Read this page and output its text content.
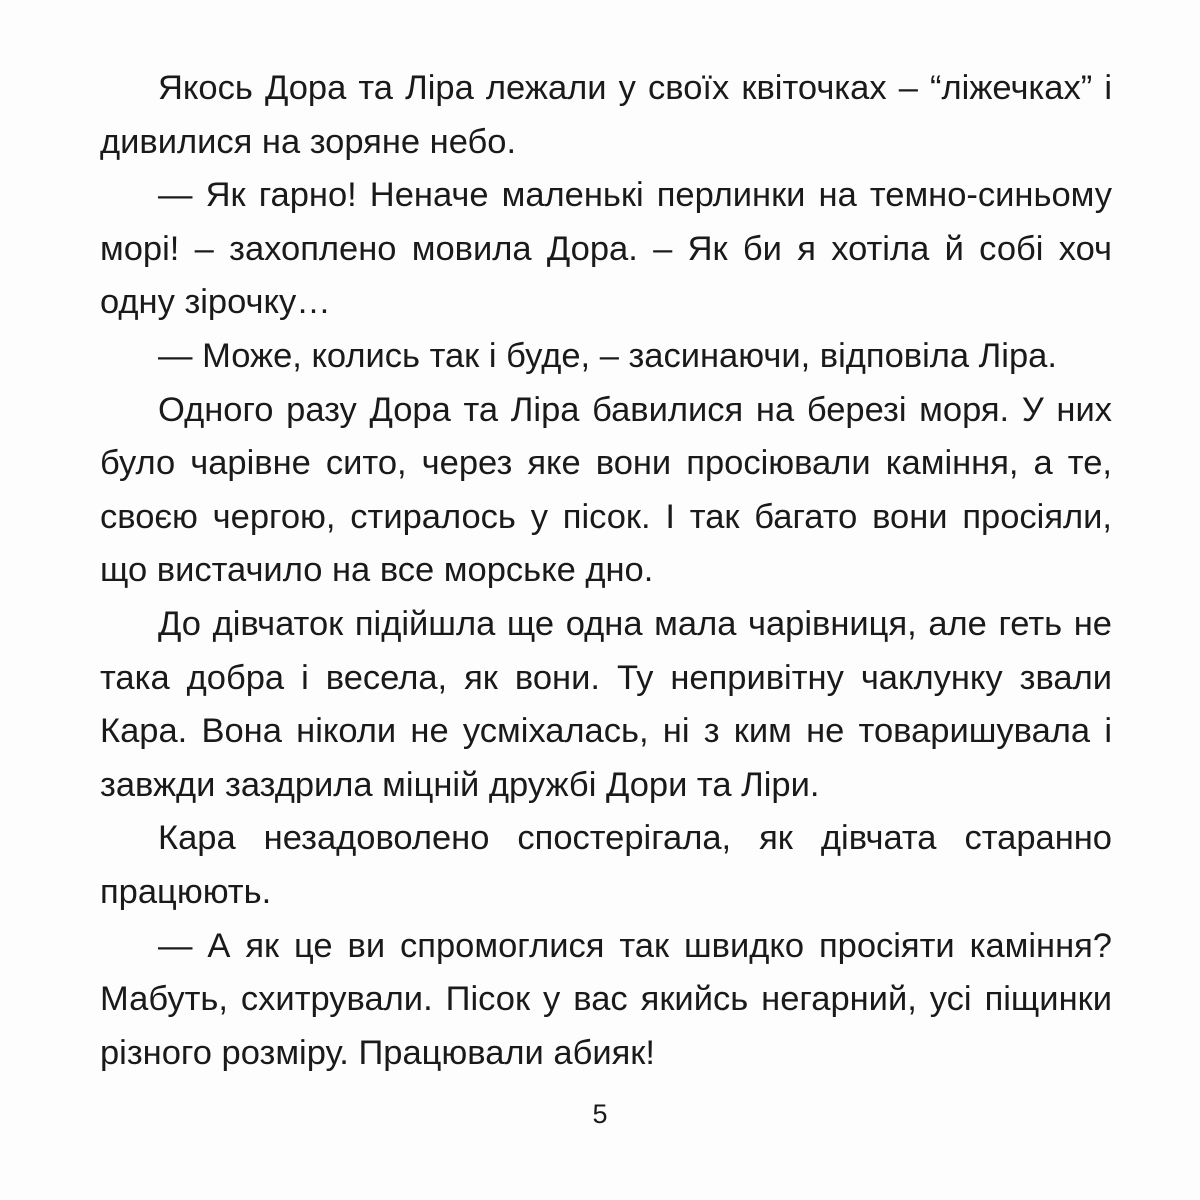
Якось Дора та Ліра лежали у своїх квіточках – “ліжечках” і дивилися на зоряне небо.

— Як гарно! Неначе маленькі перлинки на темно-синьому морі! – захоплено мовила Дора. – Як би я хотіла й собі хоч одну зірочку…

— Може, колись так і буде, – засинаючи, відповіла Ліра.

Одного разу Дора та Ліра бавилися на березі моря. У них було чарівне сито, через яке вони просіювали каміння, а те, своєю чергою, стиралось у пісок. І так багато вони просіяли, що вистачило на все морське дно.

До дівчаток підійшла ще одна мала чарівниця, але геть не така добра і весела, як вони. Ту непривітну чаклунку звали Кара. Вона ніколи не усміхалась, ні з ким не товаришувала і завжди заздрила міцній дружбі Дори та Ліри.

Кара незадоволено спостерігала, як дівчата старанно працюють.

— А як це ви спромоглися так швидко просіяти каміння? Мабуть, схитрували. Пісок у вас якийсь негарний, усі піщинки різного розміру. Працювали абияк!

5
